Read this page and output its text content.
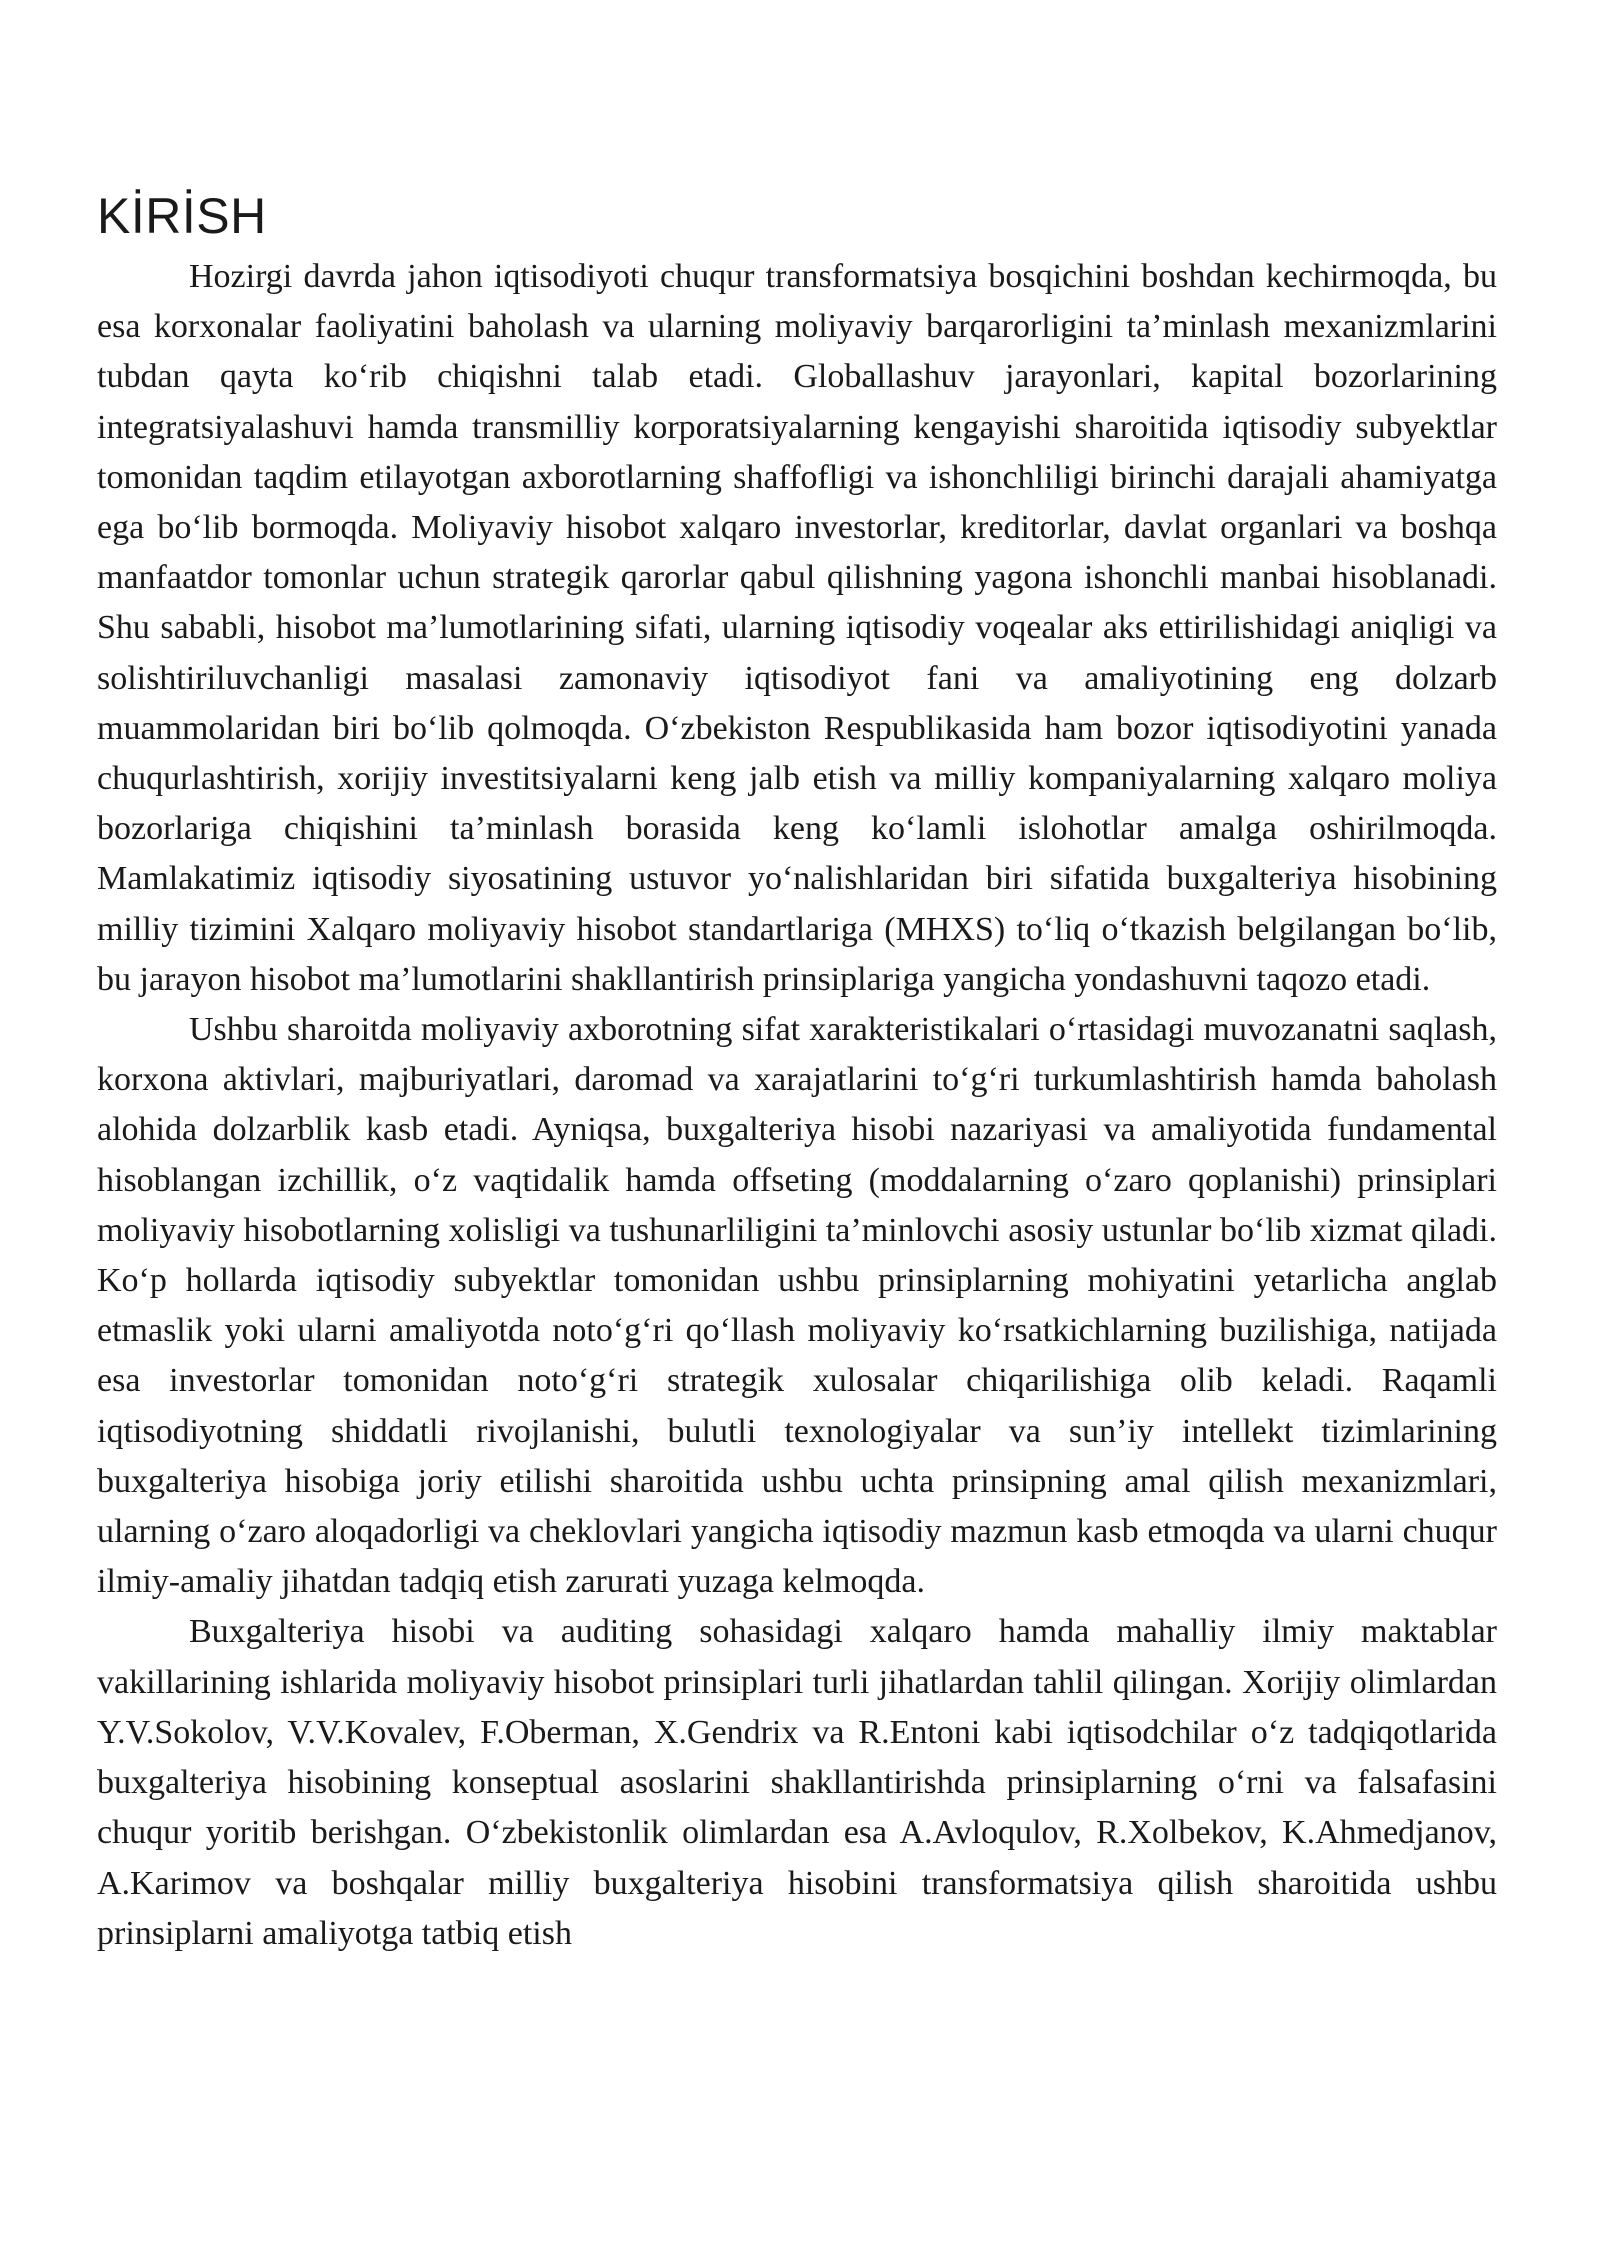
KİRİSH

Hozirgi davrda jahon iqtisodiyoti chuqur transformatsiya bosqichini boshdan kechirmoqda, bu esa korxonalar faoliyatini baholash va ularning moliyaviy barqarorligini ta’minlash mexanizmlarini tubdan qayta ko‘rib chiqishni talab etadi. Globallashuv jarayonlari, kapital bozorlarining integratsiyalashuvi hamda transmilliy korporatsiyalarning kengayishi sharoitida iqtisodiy subyektlar tomonidan taqdim etilayotgan axborotlarning shaffofligi va ishonchliligi birinchi darajali ahamiyatga ega bo‘lib bormoqda. Moliyaviy hisobot xalqaro investorlar, kreditorlar, davlat organlari va boshqa manfaatdor tomonlar uchun strategik qarorlar qabul qilishning yagona ishonchli manbai hisoblanadi. Shu sababli, hisobot ma’lumotlarining sifati, ularning iqtisodiy voqealar aks ettirilishidagi aniqligi va solishtiriluvchanligi masalasi zamonaviy iqtisodiyot fani va amaliyotining eng dolzarb muammolaridan biri bo‘lib qolmoqda. O‘zbekiston Respublikasida ham bozor iqtisodiyotini yanada chuqurlashtirish, xorijiy investitsiyalarni keng jalb etish va milliy kompaniyalarning xalqaro moliya bozorlariga chiqishini ta’minlash borasida keng ko‘lamli islohotlar amalga oshirilmoqda. Mamlakatimiz iqtisodiy siyosatining ustuvor yo‘nalishlaridan biri sifatida buxgalteriya hisobining milliy tizimini Xalqaro moliyaviy hisobot standartlariga (MHXS) to‘liq o‘tkazish belgilangan bo‘lib, bu jarayon hisobot ma’lumotlarini shakllantirish prinsiplariga yangicha yondashuvni taqozo etadi.

Ushbu sharoitda moliyaviy axborotning sifat xarakteristikalari o‘rtasidagi muvozanatni saqlash, korxona aktivlari, majburiyatlari, daromad va xarajatlarini to‘g‘ri turkumlashtirish hamda baholash alohida dolzarblik kasb etadi. Ayniqsa, buxgalteriya hisobi nazariyasi va amaliyotida fundamental hisoblangan izchillik, o‘z vaqtidalik hamda offseting (moddalarning o‘zaro qoplanishi) prinsiplari moliyaviy hisobotlarning xolisligi va tushunarliligini ta’minlovchi asosiy ustunlar bo‘lib xizmat qiladi. Ko‘p hollarda iqtisodiy subyektlar tomonidan ushbu prinsiplarning mohiyatini yetarlicha anglab etmaslik yoki ularni amaliyotda noto‘g‘ri qo‘llash moliyaviy ko‘rsatkichlarning buzilishiga, natijada esa investorlar tomonidan noto‘g‘ri strategik xulosalar chiqarilishiga olib keladi. Raqamli iqtisodiyotning shiddatli rivojlanishi, bulutli texnologiyalar va sun’iy intellekt tizimlarining buxgalteriya hisobiga joriy etilishi sharoitida ushbu uchta prinsipning amal qilish mexanizmlari, ularning o‘zaro aloqadorligi va cheklovlari yangicha iqtisodiy mazmun kasb etmoqda va ularni chuqur ilmiy-amaliy jihatdan tadqiq etish zarurati yuzaga kelmoqda.

Buxgalteriya hisobi va auditing sohasidagi xalqaro hamda mahalliy ilmiy maktablar vakillarining ishlarida moliyaviy hisobot prinsiplari turli jihatlardan tahlil qilingan. Xorijiy olimlardan Y.V.Sokolov, V.V.Kovalev, F.Oberman, X.Gendrix va R.Entoni kabi iqtisodchilar o‘z tadqiqotlarida buxgalteriya hisobining konseptual asoslarini shakllantirishda prinsiplarning o‘rni va falsafasini chuqur yoritib berishgan. O‘zbekistonlik olimlardan esa A.Avloqulov, R.Xolbekov, K.Ahmedjanov, A.Karimov va boshqalar milliy buxgalteriya hisobini transformatsiya qilish sharoitida ushbu prinsiplarni amaliyotga tatbiq etish
